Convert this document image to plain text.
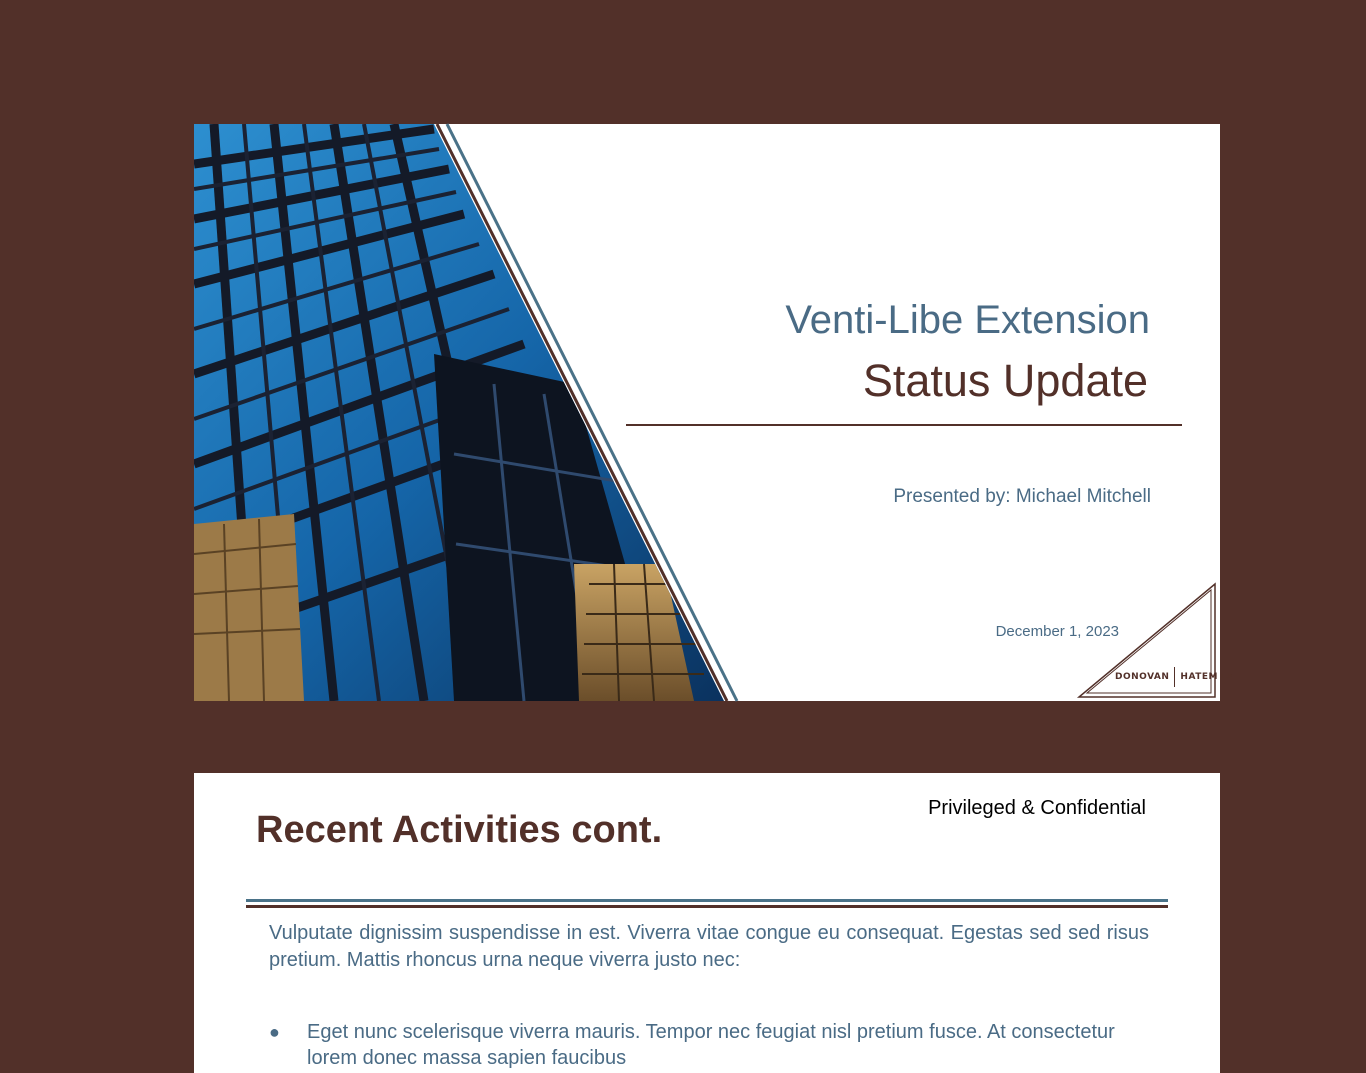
Venti-Libe Extension
Status Update
Presented by: Michael Mitchell
December 1, 2023
DONOVAN HATEM LLP
Recent Activities cont.
Privileged & Confidential
Vulputate dignissim suspendisse in est. Viverra vitae congue eu consequat. Egestas sed sed risus pretium. Mattis rhoncus urna neque viverra justo nec:
● Eget nunc scelerisque viverra mauris. Tempor nec feugiat nisl pretium fusce. At consectetur lorem donec massa sapien faucibus
